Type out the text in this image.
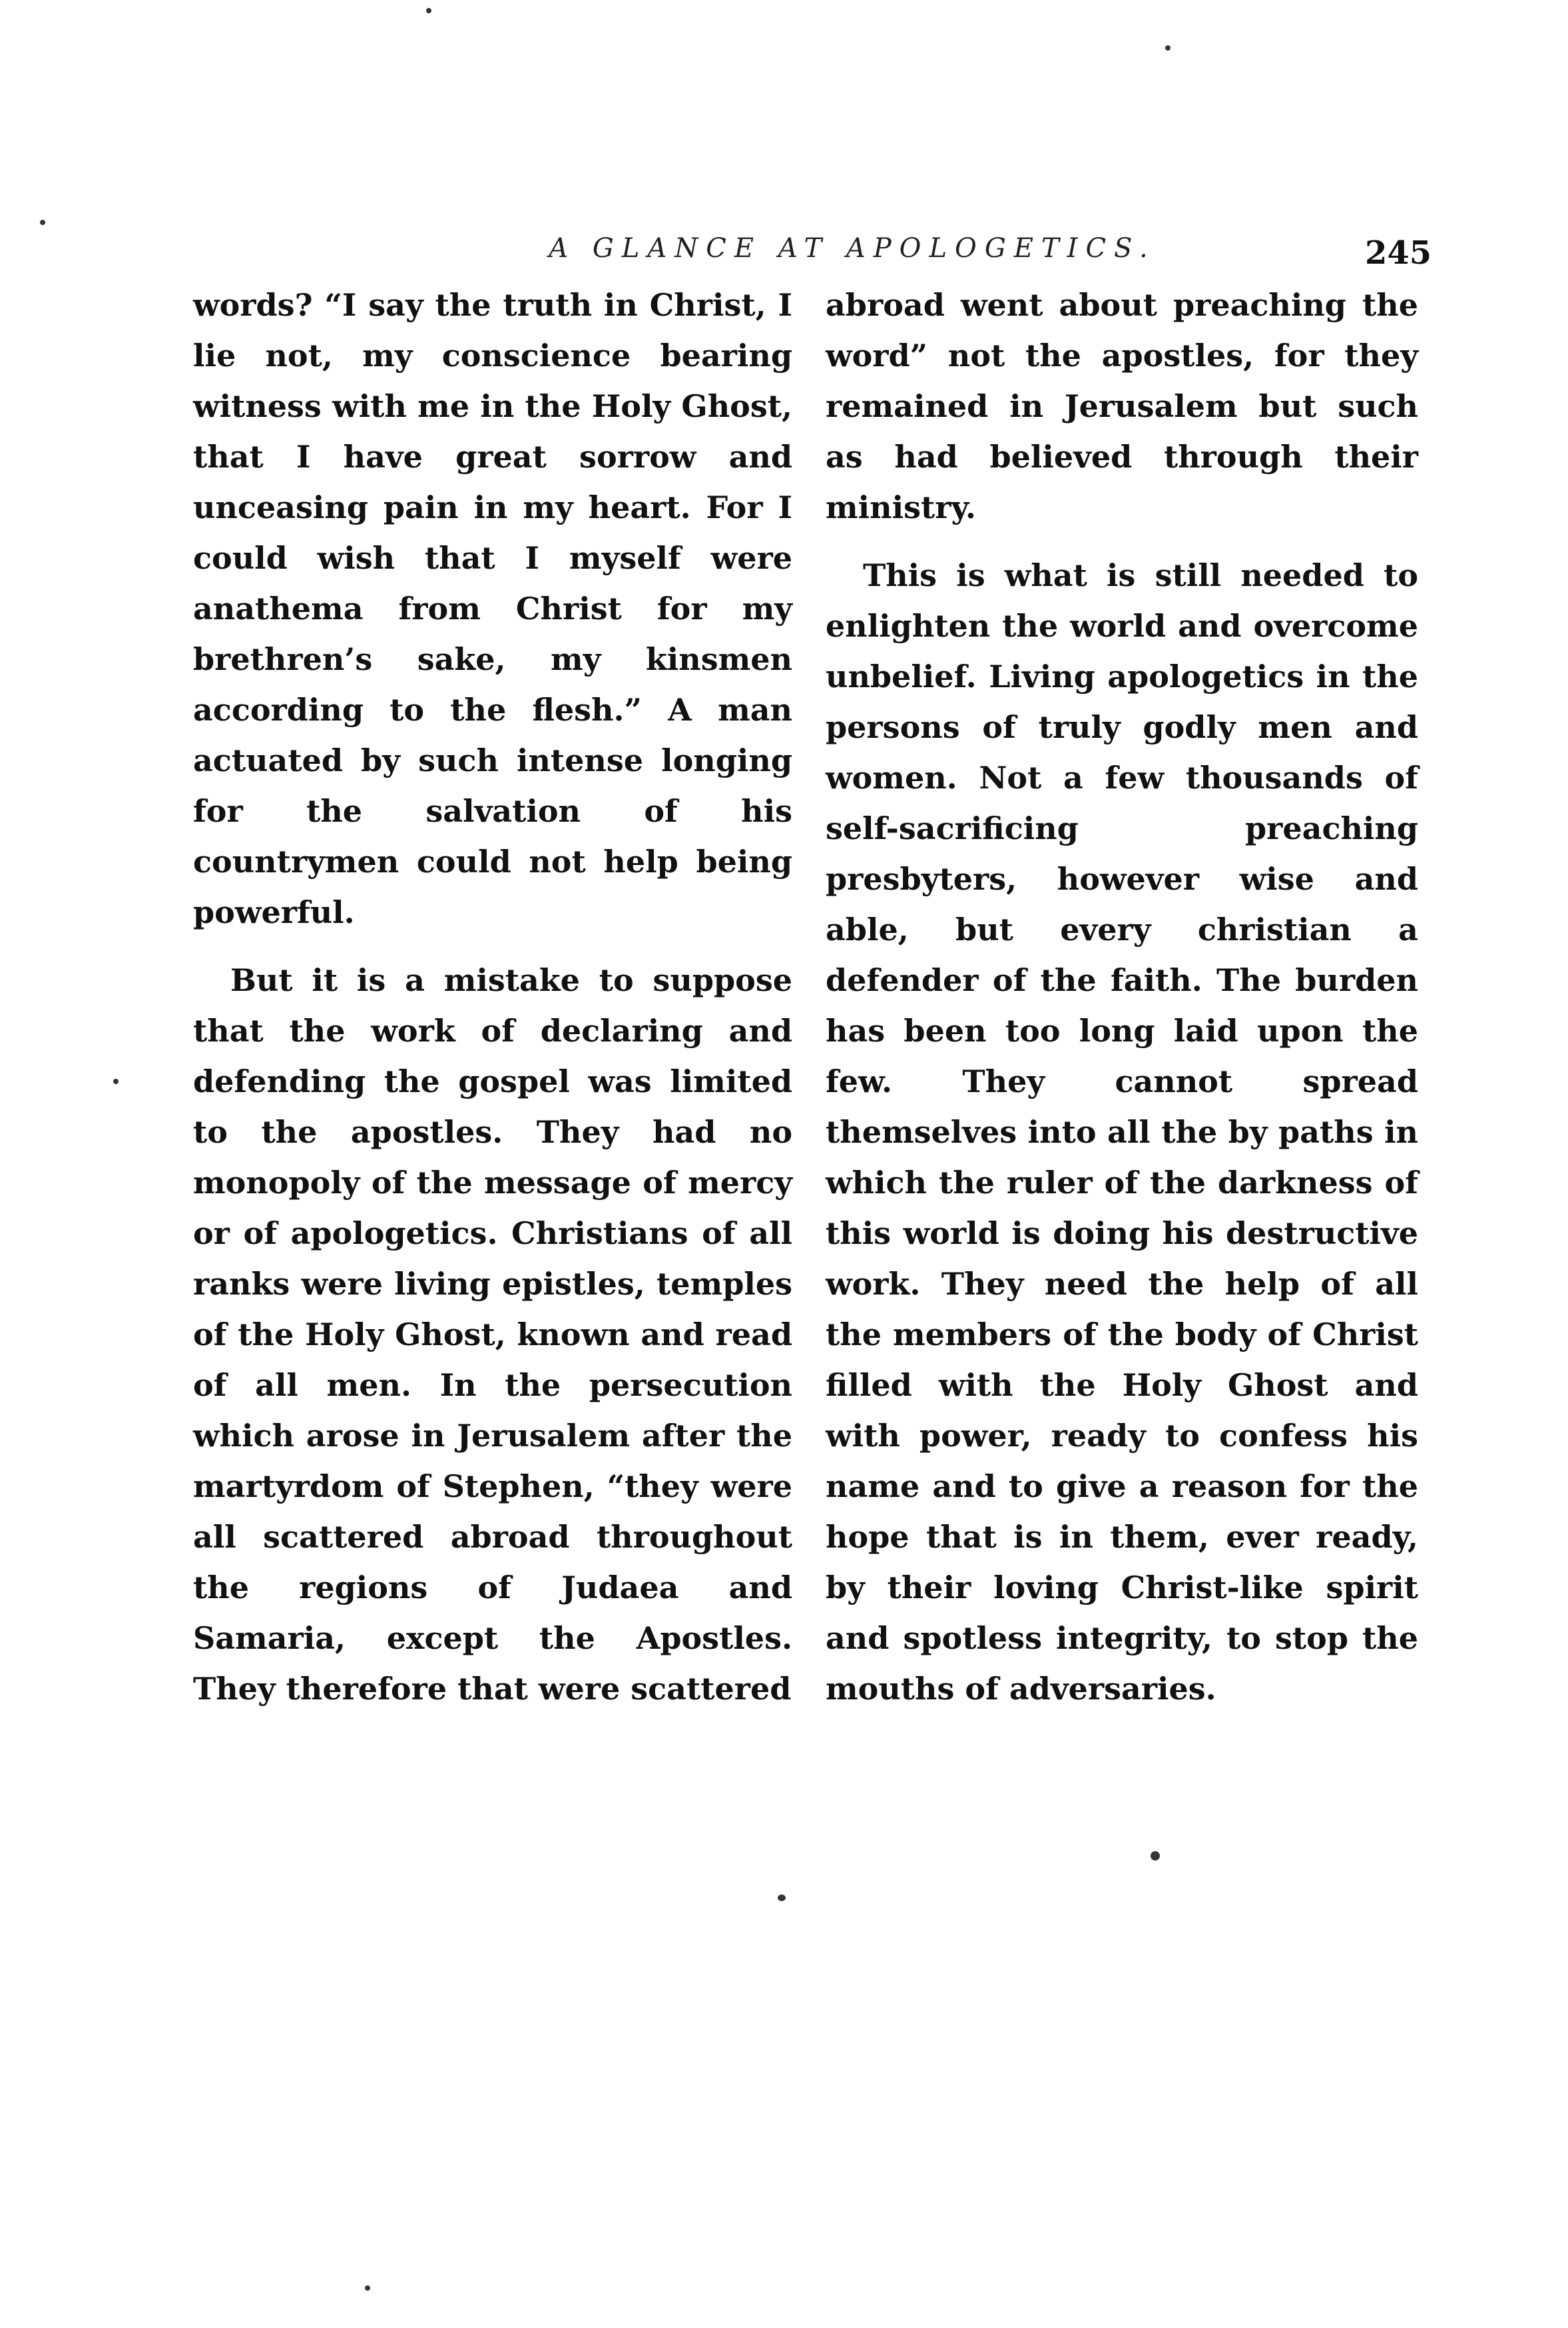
A GLANCE AT APOLOGETICS.	245

words? “I say the truth in Christ, I lie not, my conscience bearing witness with me in the Holy Ghost, that I have great sorrow and unceasing pain in my heart. For I could wish that I myself were anathema from Christ for my brethren’s sake, my kinsmen according to the flesh.” A man actuated by such intense longing for the salvation of his countrymen could not help being powerful.

But it is a mistake to suppose that the work of declaring and defending the gospel was limited to the apostles. They had no monopoly of the message of mercy or of apologetics. Christians of all ranks were living epistles, temples of the Holy Ghost, known and read of all men. In the persecution which arose in Jerusalem after the martyrdom of Stephen, “they were all scattered abroad throughout the regions of Judaea and Samaria, except the Apostles. They therefore that were scattered

abroad went about preaching the word” not the apostles, for they remained in Jerusalem but such as had believed through their ministry.

This is what is still needed to enlighten the world and overcome unbelief. Living apologetics in the persons of truly godly men and women. Not a few thousands of self-sacrificing preaching presbyters, however wise and able, but every christian a defender of the faith. The burden has been too long laid upon the few. They cannot spread themselves into all the by paths in which the ruler of the darkness of this world is doing his destructive work. They need the help of all the members of the body of Christ filled with the Holy Ghost and with power, ready to confess his name and to give a reason for the hope that is in them, ever ready, by their loving Christ-like spirit and spotless integrity, to stop the mouths of adversaries.
